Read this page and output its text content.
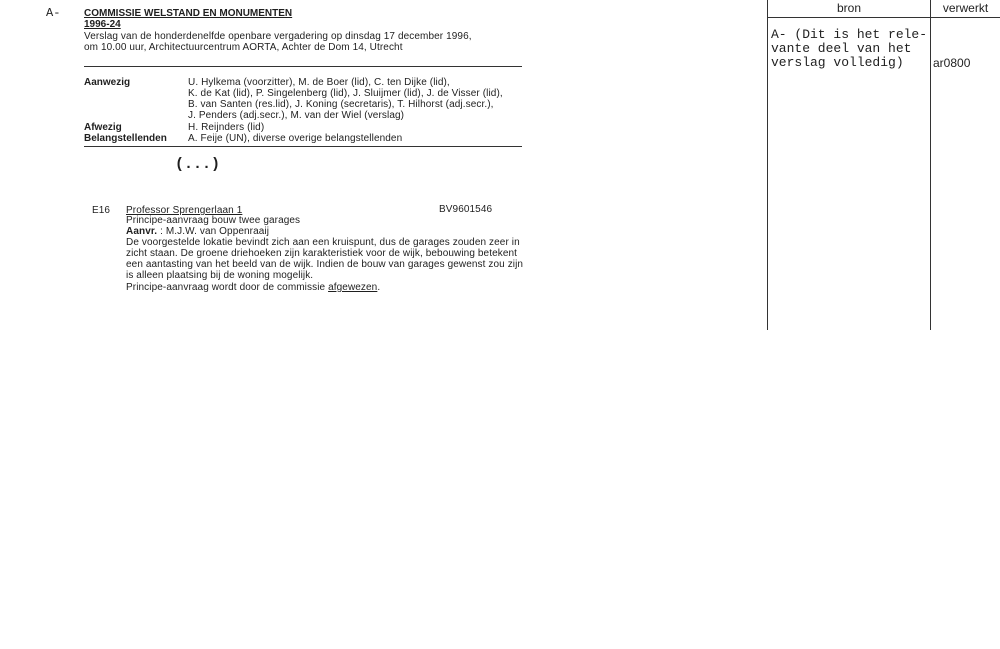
A- COMMISSIE WELSTAND EN MONUMENTEN
1996-24
Verslag van de honderdenelfde openbare vergadering op dinsdag 17 december 1996,
om 10.00 uur, Architectuurcentrum AORTA, Achter de Dom 14, Utrecht
Aanwezig	U. Hylkema (voorzitter), M. de Boer (lid), C. ten Dijke (lid),
K. de Kat (lid), P. Singelenberg (lid), J. Sluijmer (lid), J. de Visser (lid),
B. van Santen (res.lid), J. Koning (secretaris), T. Hilhorst (adj.secr.),
J. Penders (adj.secr.), M. van der Wiel (verslag)
Afwezig	H. Reijnders (lid)
Belangstellenden A. Feije (UN), diverse overige belangstellenden
(...)
E16 Professor Sprengerlaan 1	BV9601546
Principe-aanvraag bouw twee garages
Aanvr. : M.J.W. van Oppenraaij
De voorgestelde lokatie bevindt zich aan een kruispunt, dus de garages zouden zeer in
zicht staan. De groene driehoeken zijn karakteristiek voor de wijk, bebouwing betekent
een aantasting van het beeld van de wijk. Indien de bouw van garages gewenst zou zijn
is alleen plaatsing bij de woning mogelijk.
Principe-aanvraag wordt door de commissie afgewezen.
bron	verwerkt
A- (Dit is het rele-
vante deel van het
verslag volledig) ar0800
